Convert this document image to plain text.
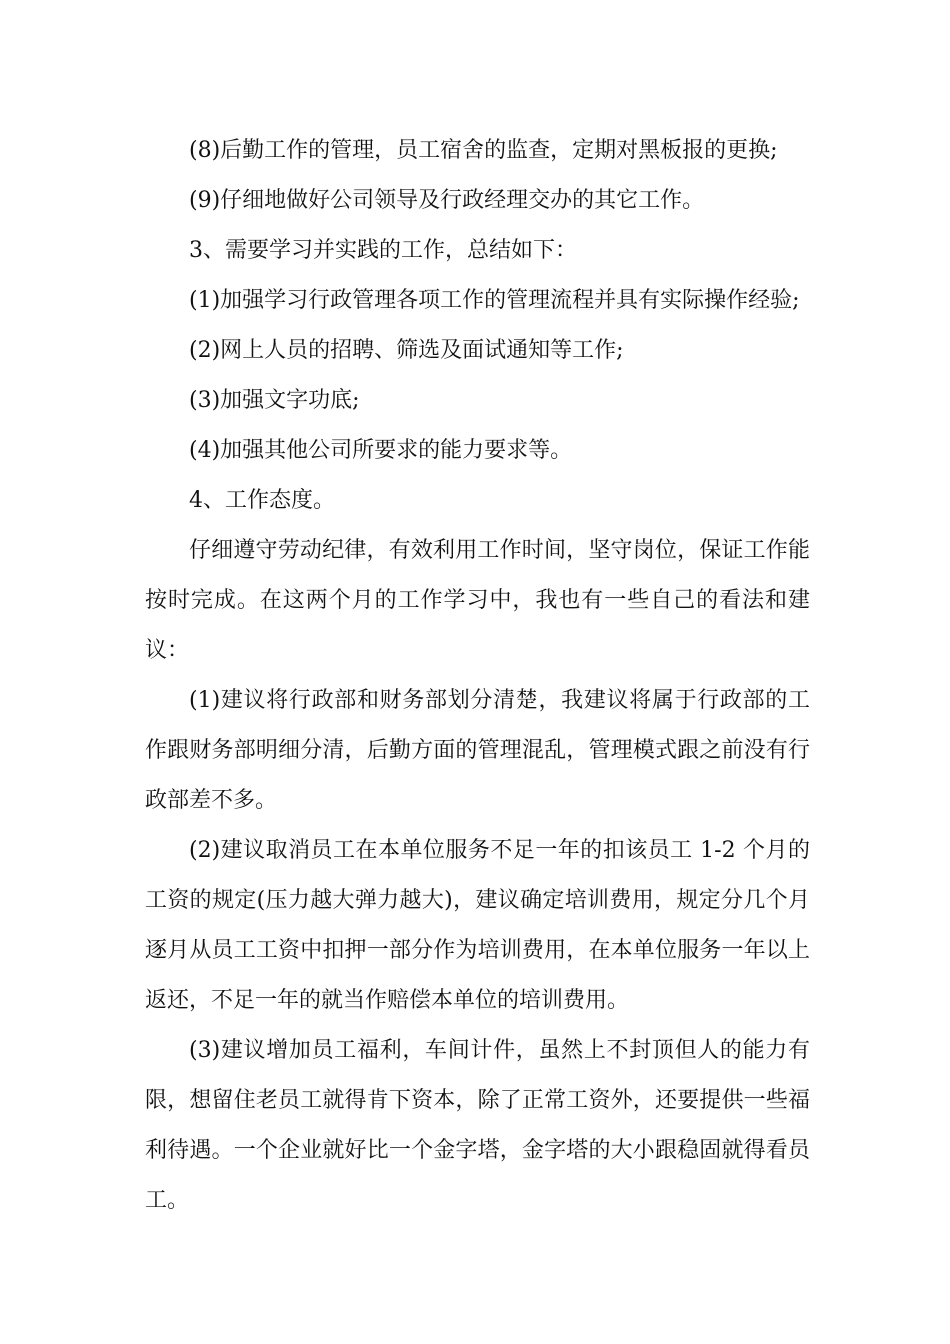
(8)后勤工作的管理，员工宿舍的监查，定期对黑板报的更换;

(9)仔细地做好公司领导及行政经理交办的其它工作。

3、需要学习并实践的工作，总结如下：

(1)加强学习行政管理各项工作的管理流程并具有实际操作经验;

(2)网上人员的招聘、筛选及面试通知等工作;

(3)加强文字功底;

(4)加强其他公司所要求的能力要求等。

4、工作态度。

仔细遵守劳动纪律，有效利用工作时间，坚守岗位，保证工作能按时完成。在这两个月的工作学习中，我也有一些自己的看法和建议：

(1)建议将行政部和财务部划分清楚，我建议将属于行政部的工作跟财务部明细分清，后勤方面的管理混乱，管理模式跟之前没有行政部差不多。

(2)建议取消员工在本单位服务不足一年的扣该员工 1-2 个月的工资的规定(压力越大弹力越大)，建议确定培训费用，规定分几个月逐月从员工工资中扣押一部分作为培训费用，在本单位服务一年以上返还，不足一年的就当作赔偿本单位的培训费用。

(3)建议增加员工福利，车间计件，虽然上不封顶但人的能力有限，想留住老员工就得肯下资本，除了正常工资外，还要提供一些福利待遇。一个企业就好比一个金字塔，金字塔的大小跟稳固就得看员工。
